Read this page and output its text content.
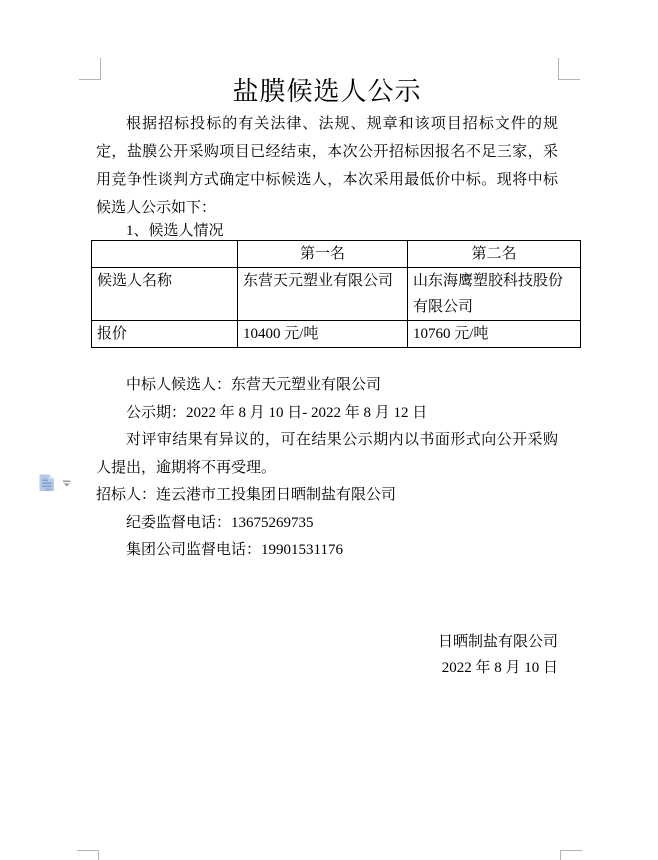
盐膜候选人公示

根据招标投标的有关法律、法规、规章和该项目招标文件的规定，盐膜公开采购项目已经结束，本次公开招标因报名不足三家，采用竞争性谈判方式确定中标候选人，本次采用最低价中标。现将中标候选人公示如下：

1、候选人情况
	第一名	第二名
候选人名称	东营天元塑业有限公司	山东海鹰塑胶科技股份有限公司
报价	10400 元/吨	10760 元/吨

中标人候选人：东营天元塑业有限公司

公示期：2022 年 8 月 10 日- 2022 年 8 月 12 日

对评审结果有异议的，可在结果公示期内以书面形式向公开采购人提出，逾期将不再受理。

招标人：连云港市工投集团日晒制盐有限公司

纪委监督电话：13675269735

集团公司监督电话：19901531176

日晒制盐有限公司

2022 年 8 月 10 日
